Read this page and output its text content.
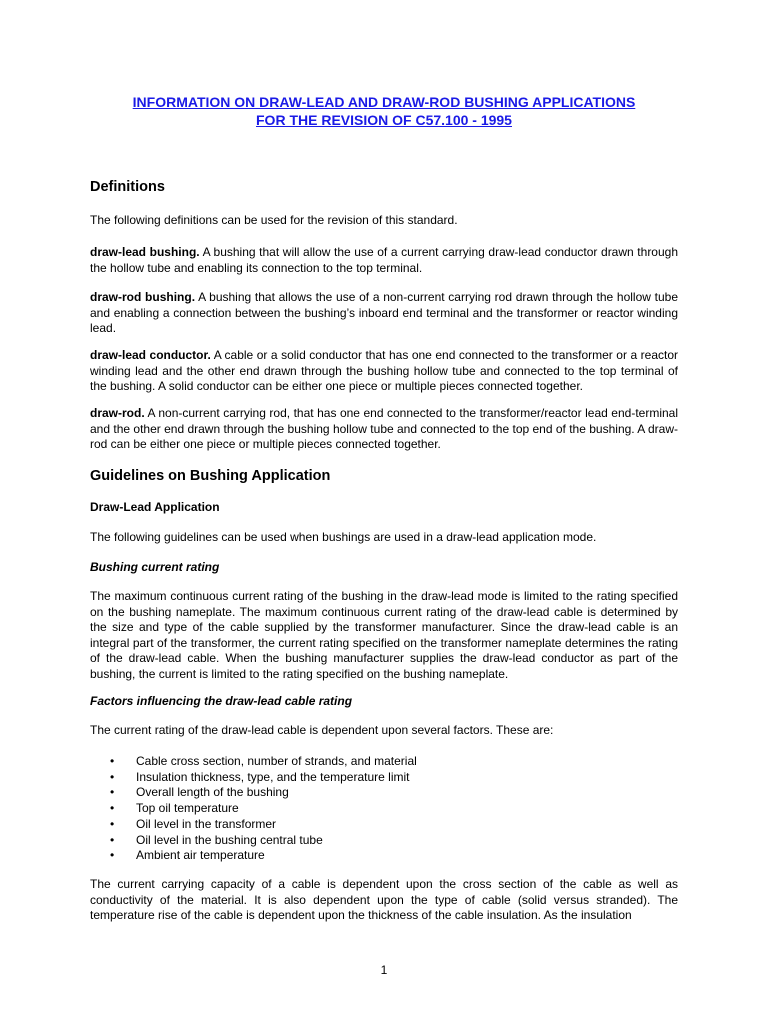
INFORMATION ON DRAW-LEAD AND DRAW-ROD BUSHING APPLICATIONS
FOR THE REVISION OF C57.100 - 1995
Definitions
The following definitions can be used for the revision of this standard.
draw-lead bushing. A bushing that will allow the use of a current carrying draw-lead conductor drawn through the hollow tube and enabling its connection to the top terminal.
draw-rod bushing. A bushing that allows the use of a non-current carrying rod drawn through the hollow tube and enabling a connection between the bushing’s inboard end terminal and the transformer or reactor winding lead.
draw-lead conductor. A cable or a solid conductor that has one end connected to the transformer or a reactor winding lead and the other end drawn through the bushing hollow tube and connected to the top terminal of the bushing. A solid conductor can be either one piece or multiple pieces connected together.
draw-rod. A non-current carrying rod, that has one end connected to the transformer/reactor lead end-terminal and the other end drawn through the bushing hollow tube and connected to the top end of the bushing. A draw-rod can be either one piece or multiple pieces connected together.
Guidelines on Bushing Application
Draw-Lead Application
The following guidelines can be used when bushings are used in a draw-lead application mode.
Bushing current rating
The maximum continuous current rating of the bushing in the draw-lead mode is limited to the rating specified on the bushing nameplate. The maximum continuous current rating of the draw-lead cable is determined by the size and type of the cable supplied by the transformer manufacturer. Since the draw-lead cable is an integral part of the transformer, the current rating specified on the transformer nameplate determines the rating of the draw-lead cable. When the bushing manufacturer supplies the draw-lead conductor as part of the bushing, the current is limited to the rating specified on the bushing nameplate.
Factors influencing the draw-lead cable rating
The current rating of the draw-lead cable is dependent upon several factors. These are:
• Cable cross section, number of strands, and material
• Insulation thickness, type, and the temperature limit
• Overall length of the bushing
• Top oil temperature
• Oil level in the transformer
• Oil level in the bushing central tube
• Ambient air temperature
The current carrying capacity of a cable is dependent upon the cross section of the cable as well as conductivity of the material. It is also dependent upon the type of cable (solid versus stranded). The temperature rise of the cable is dependent upon the thickness of the cable insulation. As the insulation
1
